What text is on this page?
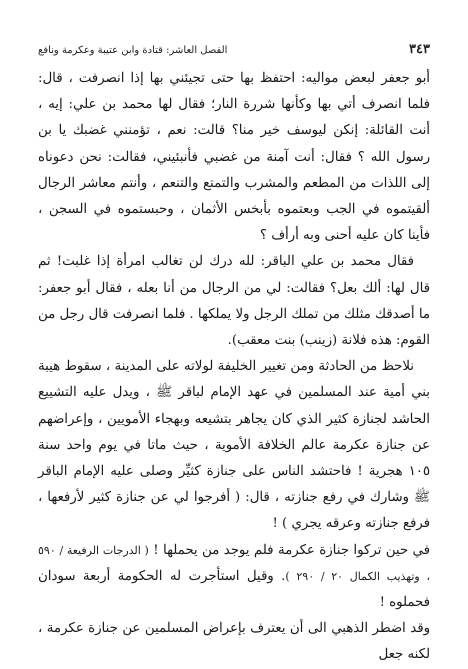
٣٤٣
الفصل العاشر: قتادة وابن عتيبة وعكرمة ونافع

أبو جعفر لبعض مواليه: احتفظ بها حتى تجيئني بها إذا انصرفت ، قال: فلما انصرف أتي بها وكأنها شررة النار؛ فقال لها محمد بن علي: إيه ، أنت القائلة: إنكن ليوسف خير منا؟ قالت: نعم ، تؤمنني غضبك يا بن رسول الله ؟ فقال: أنت آمنة من غضبي فأنبئيني، فقالت: نحن دعوناه إلى اللذات من المطعم والمشرب والتمتع والتنعم ، وأنتم معاشر الرجال ألقيتموه في الجب وبعتموه بأبخس الأثمان ، وحبستموه في السجن ، فأينا كان عليه أحنى وبه أرأف ؟

فقال محمد بن علي الباقر: لله درك لن تغالب امرأة إذا غلبت! ثم قال لها: ألك بعل؟ فقالت: لي من الرجال من أنا بعله ، فقال أبو جعفر: ما أصدقك مثلك من تملك الرجل ولا يملكها . فلما انصرفت قال رجل من القوم: هذه فلانة (زينب) بنت معقب).

نلاحظ من الحادثة ومن تغيير الخليفة لولاته على المدينة ، سقوط هيبة بني أمية عند المسلمين في عهد الإمام لباقر ﷺ ، ويدل عليه التشييع الحاشد لجنازة كثير الذي كان يجاهر بتشيعه وبهجاء الأمويين ، وإعراضهم عن جنازة عكرمة عالم الخلافة الأموية ، حيث ماتا في يوم واحد سنة ١٠٥ هجرية ! فاحتشد الناس على جنازة كثيِّر وصلى عليه الإمام الباقر ﷺ وشارك في رفع جنازته ، قال: ( أفرجوا لي عن جنازة كثير لأرفعها ، فرفع جنازته وعرقه يجري ) !

في حين تركوا جنازة عكرمة فلم يوجد من يحملها ! ( الدرجات الرفيعة / ٥٩٠ ، وتهذيب الكمال ٢٠ / ٢٩٠ ). وقيل استأجرت له الحكومة أربعة سودان فحملوه !

وقد اضطر الذهبي الى أن يعترف بإعراض المسلمين عن جنازة عكرمة ، لكنه جعل
